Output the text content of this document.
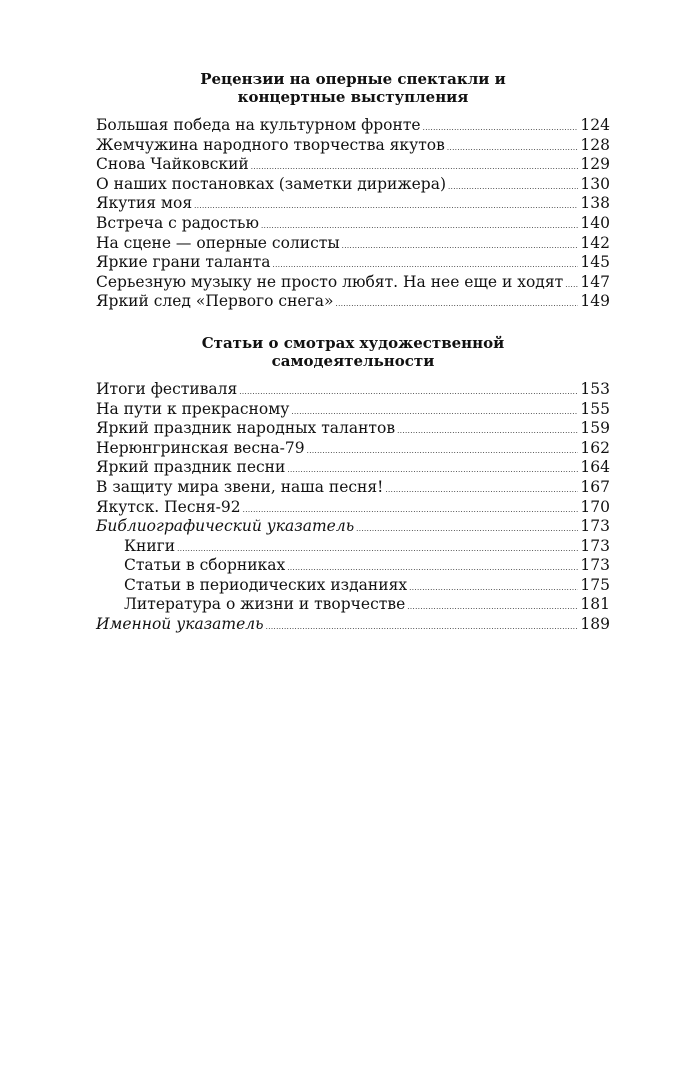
Рецензии на оперные спектакли и
концертные выступления
Большая победа на культурном фронте .....	124
Жемчужина народного творчества якутов .....	128
Снова Чайковский .....	129
О наших постановках (заметки дирижера) .....	130
Якутия моя .....	138
Встреча с радостью .....	140
На сцене — оперные солисты .....	142
Яркие грани таланта .....	145
Серьезную музыку не просто любят. На нее еще и ходят ..... 147
Яркий след «Первого снега» .....	149
Статьи о смотрах художественной
самодеятельности
Итоги фестиваля .....	153
На пути к прекрасному .....	155
Яркий праздник народных талантов .....	159
Нерюнгринская весна-79 .....	162
Яркий праздник песни .....	164
В защиту мира звени, наша песня! .....	167
Якутск. Песня-92 .....	170
Библиографический указатель .....	173
Книги .....	173
Статьи в сборниках .....	173
Статьи в периодических изданиях .....	175
Литература о жизни и творчестве .....	181
Именной указатель .....	189
